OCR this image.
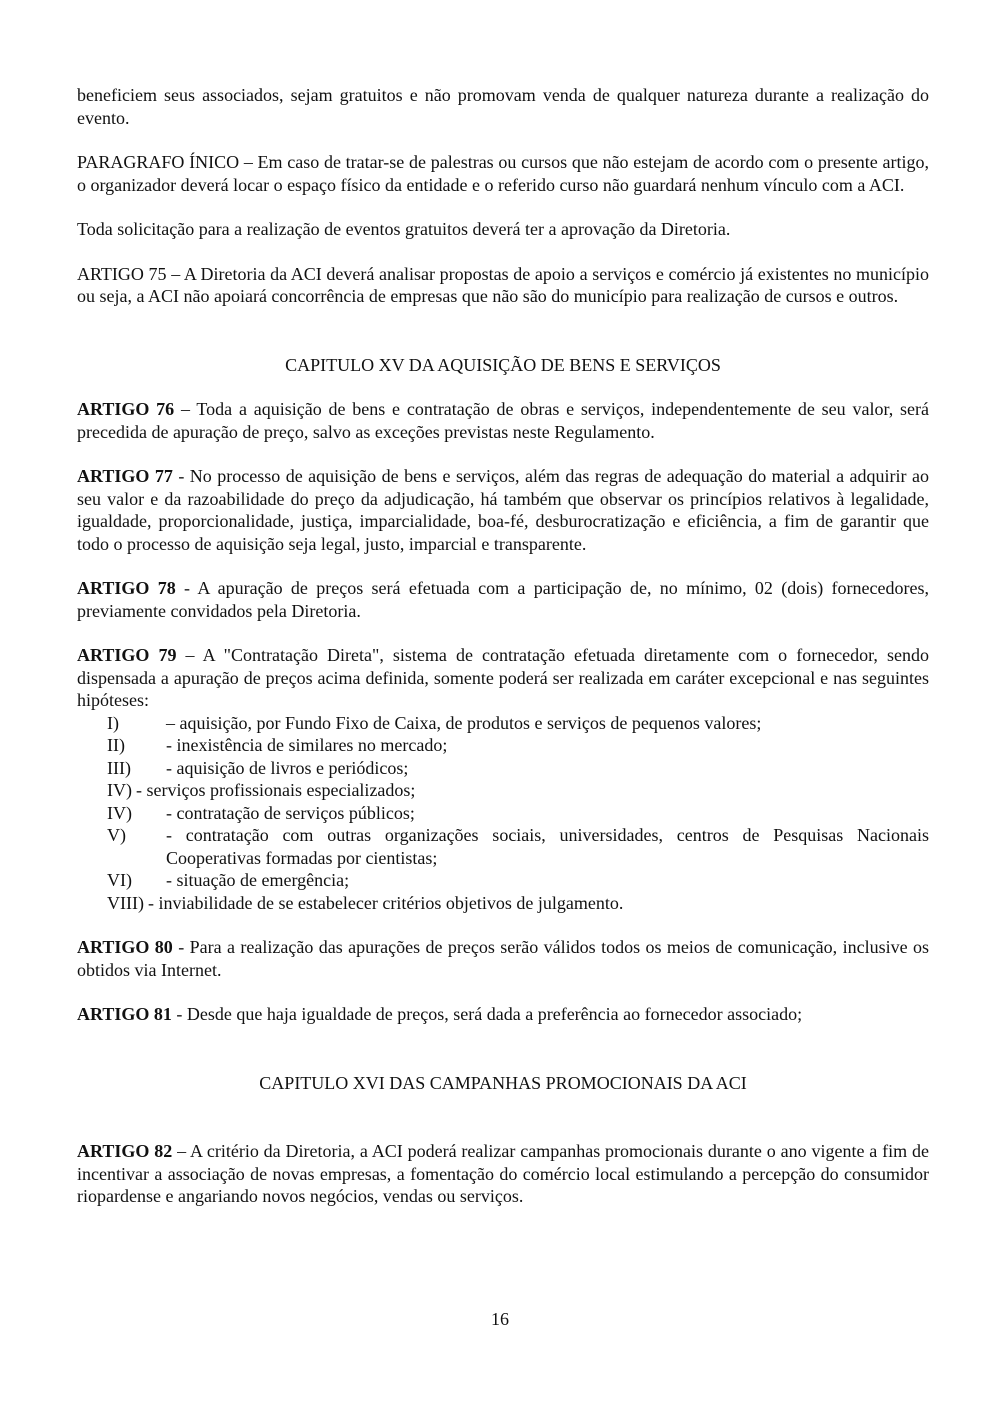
beneficiem seus associados, sejam gratuitos e não promovam venda de qualquer natureza durante a realização do evento.

PARAGRAFO ÍNICO – Em caso de tratar-se de palestras ou cursos que não estejam de acordo com o presente artigo, o organizador deverá locar o espaço físico da entidade e o referido curso não guardará nenhum vínculo com a ACI.

Toda solicitação para a realização de eventos gratuitos deverá ter a aprovação da Diretoria.

ARTIGO 75 – A Diretoria da ACI deverá analisar propostas de apoio a serviços e comércio já existentes no município ou seja, a ACI não apoiará concorrência de empresas que não são do município para realização de cursos e outros.

CAPITULO XV DA AQUISIÇÃO DE BENS E SERVIÇOS

ARTIGO 76 – Toda a aquisição de bens e contratação de obras e serviços, independentemente de seu valor, será precedida de apuração de preço, salvo as exceções previstas neste Regulamento.

ARTIGO 77 - No processo de aquisição de bens e serviços, além das regras de adequação do material a adquirir ao seu valor e da razoabilidade do preço da adjudicação, há também que observar os princípios relativos à legalidade, igualdade, proporcionalidade, justiça, imparcialidade, boa-fé, desburocratização e eficiência, a fim de garantir que todo o processo de aquisição seja legal, justo, imparcial e transparente.

ARTIGO 78 - A apuração de preços será efetuada com a participação de, no mínimo, 02 (dois) fornecedores, previamente convidados pela Diretoria.

ARTIGO 79 – A "Contratação Direta", sistema de contratação efetuada diretamente com o fornecedor, sendo dispensada a apuração de preços acima definida, somente poderá ser realizada em caráter excepcional e nas seguintes hipóteses:

I)	– aquisição, por Fundo Fixo de Caixa, de produtos e serviços de pequenos valores;
II)	- inexistência de similares no mercado;
III)	- aquisição de livros e periódicos;
IV) - serviços profissionais especializados;
IV)	- contratação de serviços públicos;
V)	- contratação com outras organizações sociais, universidades, centros de Pesquisas Nacionais Cooperativas formadas por cientistas;
VI)	- situação de emergência;
VIII) - inviabilidade de se estabelecer critérios objetivos de julgamento.

ARTIGO 80 - Para a realização das apurações de preços serão válidos todos os meios de comunicação, inclusive os obtidos via Internet.

ARTIGO 81 - Desde que haja igualdade de preços, será dada a preferência ao fornecedor associado;

CAPITULO XVI DAS CAMPANHAS PROMOCIONAIS DA ACI

ARTIGO 82 – A critério da Diretoria, a ACI poderá realizar campanhas promocionais durante o ano vigente a fim de incentivar a associação de novas empresas, a fomentação do comércio local estimulando a percepção do consumidor riopardense e angariando novos negócios, vendas ou serviços.

16
